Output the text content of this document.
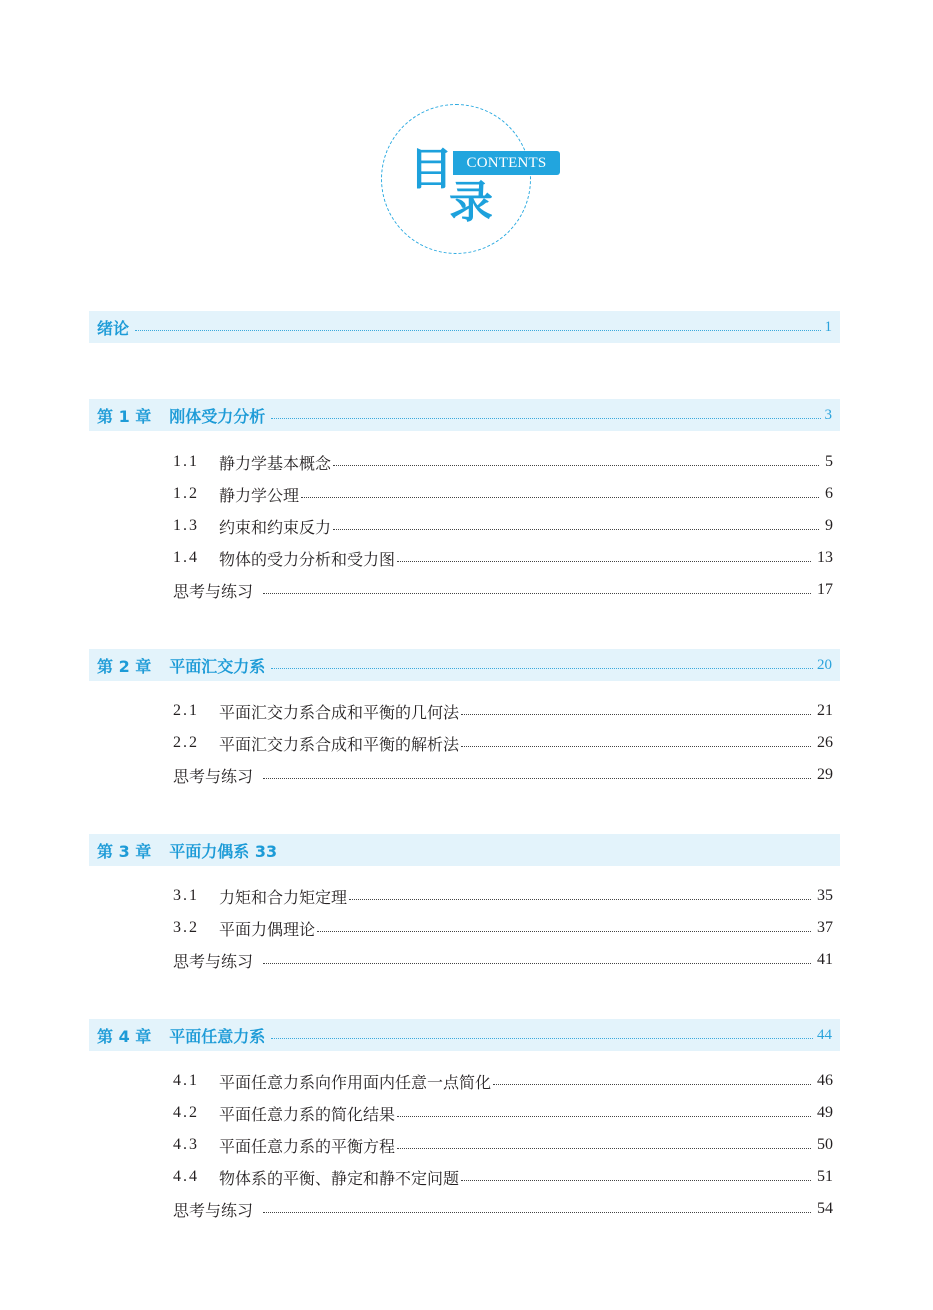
目 CONTENTS
录
绪论	1
第 1 章 刚体受力分析	3
1.1	静力学基本概念	5
1.2	静力学公理	6
1.3	约束和约束反力	9
1.4	物体的受力分析和受力图	13
思考与练习	17
第 2 章 平面汇交力系	20
2.1	平面汇交力系合成和平衡的几何法	21
2.2	平面汇交力系合成和平衡的解析法	26
思考与练习	29
第 3 章 平面力偶系 33
3.1	力矩和合力矩定理	35
3.2	平面力偶理论	37
思考与练习	41
第 4 章 平面任意力系	44
4.1	平面任意力系向作用面内任意一点简化	46
4.2	平面任意力系的简化结果	49
4.3	平面任意力系的平衡方程	50
4.4	物体系的平衡、静定和静不定问题	51
思考与练习	54
